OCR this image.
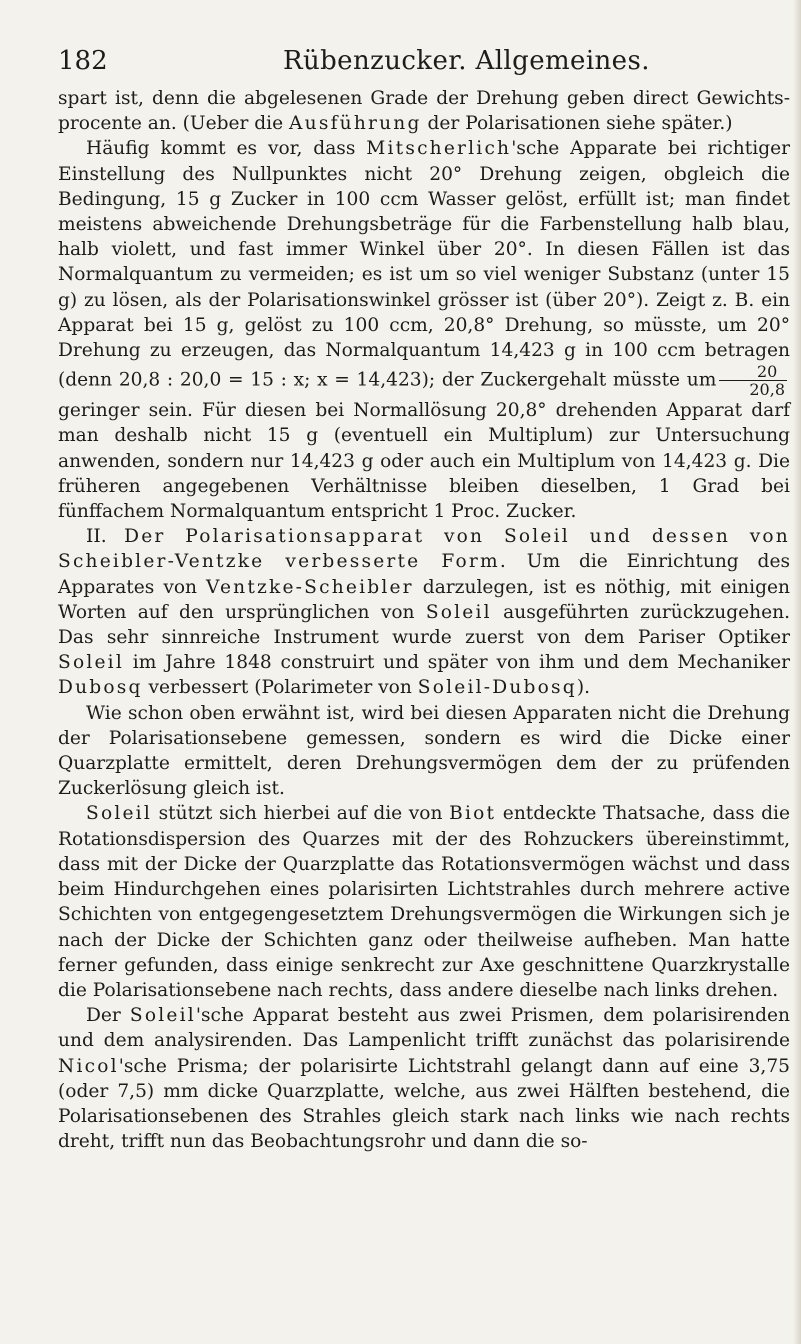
182	Rübenzucker. Allgemeines.

spart ist, denn die abgelesenen Grade der Drehung geben direct Gewichts-procente an. (Ueber die Ausführung der Polarisationen siehe später.)

Häufig kommt es vor, dass Mitscherlich'sche Apparate bei richtiger Einstellung des Nullpunktes nicht 20° Drehung zeigen, obgleich die Bedingung, 15 g Zucker in 100 ccm Wasser gelöst, erfüllt ist; man findet meistens abweichende Drehungsbeträge für die Farbenstellung halb blau, halb violett, und fast immer Winkel über 20°. In diesen Fällen ist das Normalquantum zu vermeiden; es ist um so viel weniger Substanz (unter 15 g) zu lösen, als der Polarisationswinkel grösser ist (über 20°). Zeigt z. B. ein Apparat bei 15 g, gelöst zu 100 ccm, 20,8° Drehung, so müsste, um 20° Drehung zu erzeugen, das Normalquantum 14,423 g in 100 ccm betragen (denn 20,8 : 20,0 = 15 : x; x = 14,423); der Zuckergehalt müsste um $\frac{20}{20,8}$
geringer sein. Für diesen bei Normallösung 20,8° drehenden Apparat darf man deshalb nicht 15 g (eventuell ein Multiplum) zur Untersuchung anwenden, sondern nur 14,423 g oder auch ein Multiplum von 14,423 g. Die früheren angegebenen Verhältnisse bleiben dieselben, 1 Grad bei fünffachem Normalquantum entspricht 1 Proc. Zucker.

II. Der Polarisationsapparat von Soleil und dessen von Scheibler-Ventzke verbesserte Form. Um die Einrichtung des Apparates von Ventzke-Scheibler darzulegen, ist es nöthig, mit einigen Worten auf den ursprünglichen von Soleil ausgeführten zurückzugehen. Das sehr sinnreiche Instrument wurde zuerst von dem Pariser Optiker Soleil im Jahre 1848 construirt und später von ihm und dem Mechaniker Dubosq verbessert (Polarimeter von Soleil-Dubosq).

Wie schon oben erwähnt ist, wird bei diesen Apparaten nicht die Drehung der Polarisationsebene gemessen, sondern es wird die Dicke einer Quarzplatte ermittelt, deren Drehungsvermögen dem der zu prüfenden Zuckerlösung gleich ist.

Soleil stützt sich hierbei auf die von Biot entdeckte Thatsache, dass die Rotationsdispersion des Quarzes mit der des Rohzuckers übereinstimmt, dass mit der Dicke der Quarzplatte das Rotationsvermögen wächst und dass beim Hindurchgehen eines polarisirten Lichtstrahles durch mehrere active Schichten von entgegengesetztem Drehungsvermögen die Wirkungen sich je nach der Dicke der Schichten ganz oder theilweise aufheben. Man hatte ferner gefunden, dass einige senkrecht zur Axe geschnittene Quarzkrystalle die Polarisationsebene nach rechts, dass andere dieselbe nach links drehen.

Der Soleil'sche Apparat besteht aus zwei Prismen, dem polarisirenden und dem analysirenden. Das Lampenlicht trifft zunächst das polarisirende Nicol'sche Prisma; der polarisirte Lichtstrahl gelangt dann auf eine 3,75 (oder 7,5) mm dicke Quarzplatte, welche, aus zwei Hälften bestehend, die Polarisationsebenen des Strahles gleich stark nach links wie nach rechts dreht, trifft nun das Beobachtungsrohr und dann die so-
